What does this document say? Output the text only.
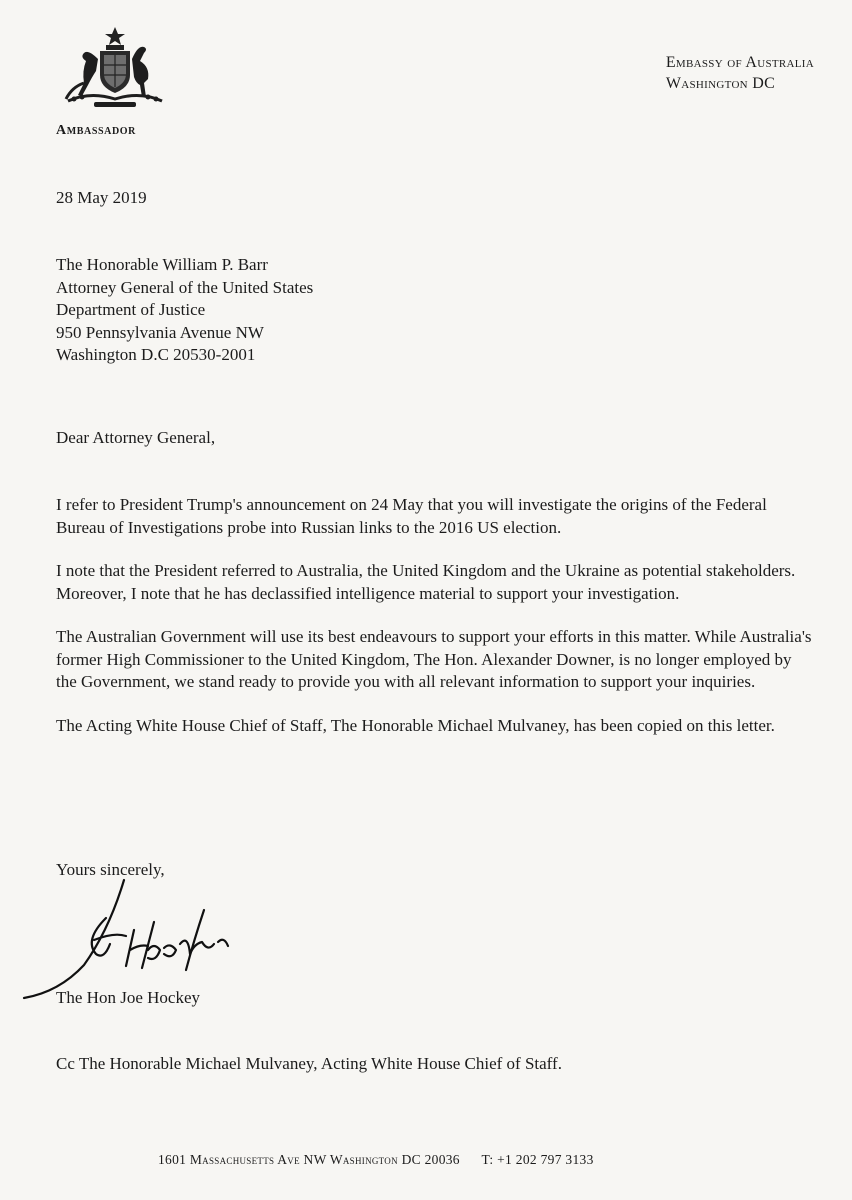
Ambassador
Embassy of Australia
Washington DC
28 May 2019
The Honorable William P. Barr
Attorney General of the United States
Department of Justice
950 Pennsylvania Avenue NW
Washington D.C 20530-2001
Dear Attorney General,

I refer to President Trump's announcement on 24 May that you will investigate the origins of the Federal Bureau of Investigations probe into Russian links to the 2016 US election.

I note that the President referred to Australia, the United Kingdom and the Ukraine as potential stakeholders. Moreover, I note that he has declassified intelligence material to support your investigation.

The Australian Government will use its best endeavours to support your efforts in this matter. While Australia's former High Commissioner to the United Kingdom, The Hon. Alexander Downer, is no longer employed by the Government, we stand ready to provide you with all relevant information to support your inquiries.

The Acting White House Chief of Staff, The Honorable Michael Mulvaney, has been copied on this letter.

Yours sincerely,
The Hon Joe Hockey
Cc The Honorable Michael Mulvaney, Acting White House Chief of Staff.
1601 Massachusetts Ave NW Washington DC 20036 T: +1 202 797 3133
